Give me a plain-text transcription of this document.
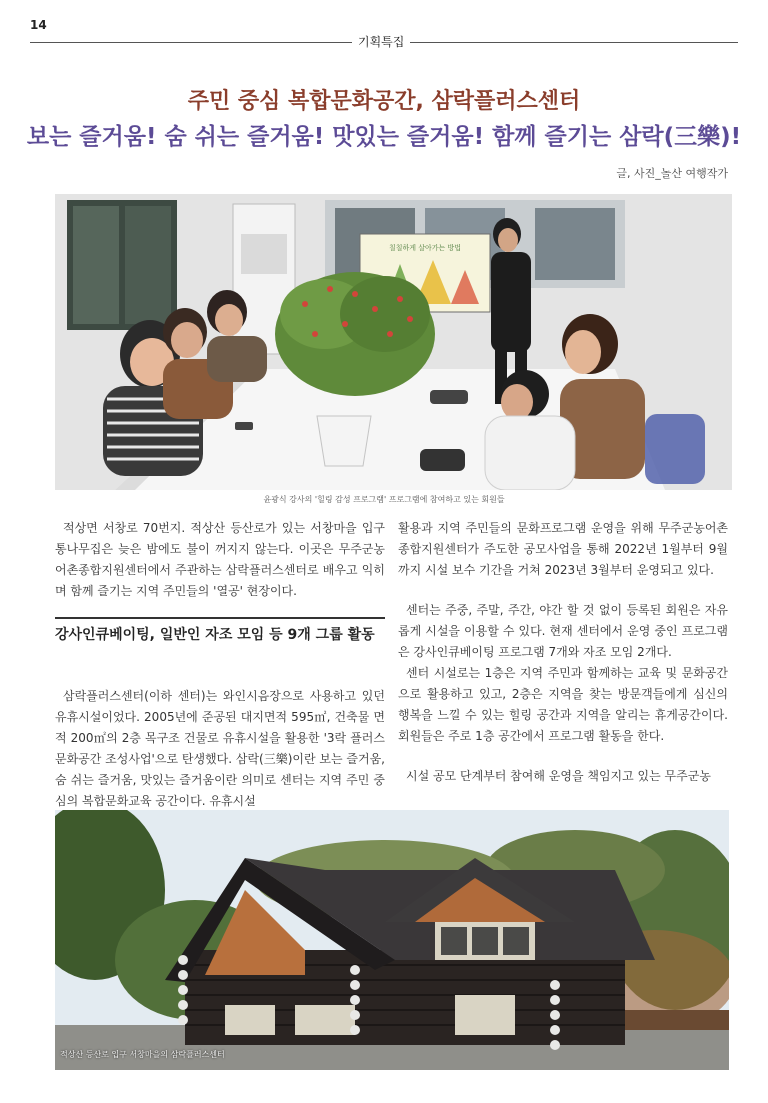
14
기획특집
주민 중심 복합문화공간, 삼락플러스센터
보는 즐거움! 숨 쉬는 즐거움! 맛있는 즐거움! 함께 즐기는 삼락(三樂)!
글, 사진_놀산 여행작가
칠칠하게 살아가는 방법
윤광식 강사의 '힐링 감성 프로그램' 프로그램에 참여하고 있는 회원들

적상면 서창로 70번지. 적상산 등산로가 있는 서창마을 입구 통나무집은 늦은 밤에도 불이 꺼지지 않는다. 이곳은 무주군농어촌종합지원센터에서 주관하는 삼락플러스센터로 배우고 익히며 함께 즐기는 지역 주민들의 '열공' 현장이다.

강사인큐베이팅, 일반인 자조 모임 등 9개 그룹 활동

삼락플러스센터(이하 센터)는 와인시음장으로 사용하고 있던 유휴시설이었다. 2005년에 준공된 대지면적 595㎡, 건축물 면적 200㎡의 2층 목구조 건물로 유휴시설을 활용한 '3락 플러스 문화공간 조성사업'으로 탄생했다. 삼락(三樂)이란 보는 즐거움, 숨 쉬는 즐거움, 맛있는 즐거움이란 의미로 센터는 지역 주민 중심의 복합문화교육 공간이다. 유휴시설

활용과 지역 주민들의 문화프로그램 운영을 위해 무주군농어촌종합지원센터가 주도한 공모사업을 통해 2022년 1월부터 9월까지 시설 보수 기간을 거쳐 2023년 3월부터 운영되고 있다.

센터는 주중, 주말, 주간, 야간 할 것 없이 등록된 회원은 자유롭게 시설을 이용할 수 있다. 현재 센터에서 운영 중인 프로그램은 강사인큐베이팅 프로그램 7개와 자조 모임 2개다.

센터 시설로는 1층은 지역 주민과 함께하는 교육 및 문화공간으로 활용하고 있고, 2층은 지역을 찾는 방문객들에게 심신의 행복을 느낄 수 있는 힐링 공간과 지역을 알리는 휴게공간이다. 회원들은 주로 1층 공간에서 프로그램 활동을 한다.

시설 공모 단계부터 참여해 운영을 책임지고 있는 무주군농

적상산 등산로 입구 서창마을의 삼락플러스센터
